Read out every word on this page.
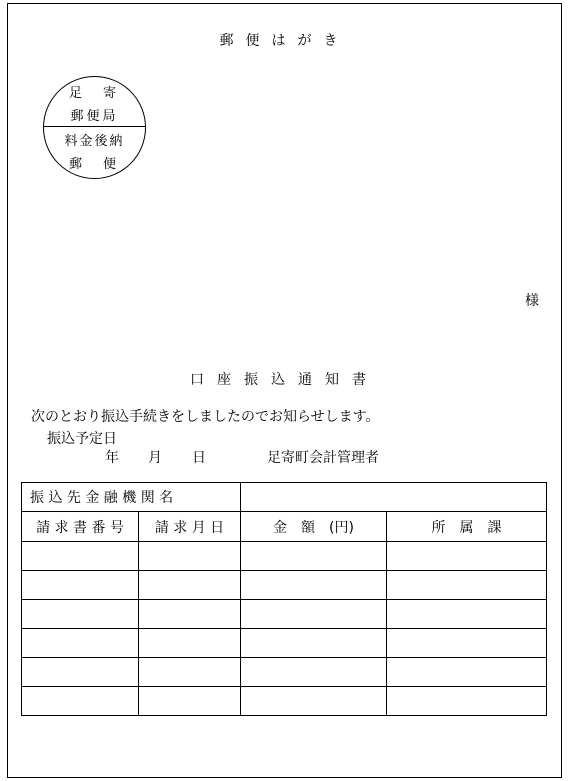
郵便はがき
足　寄
郵便局
料金後納
郵　便
様
口座振込通知書
次のとおり振込手続きをしましたのでお知らせします。
振込予定日
年 月 日	足寄町会計管理者
振 込 先 金 融 機 関 名			
請 求 書 番 号	請 求 月 日	金　額　(円)	所　属　課
